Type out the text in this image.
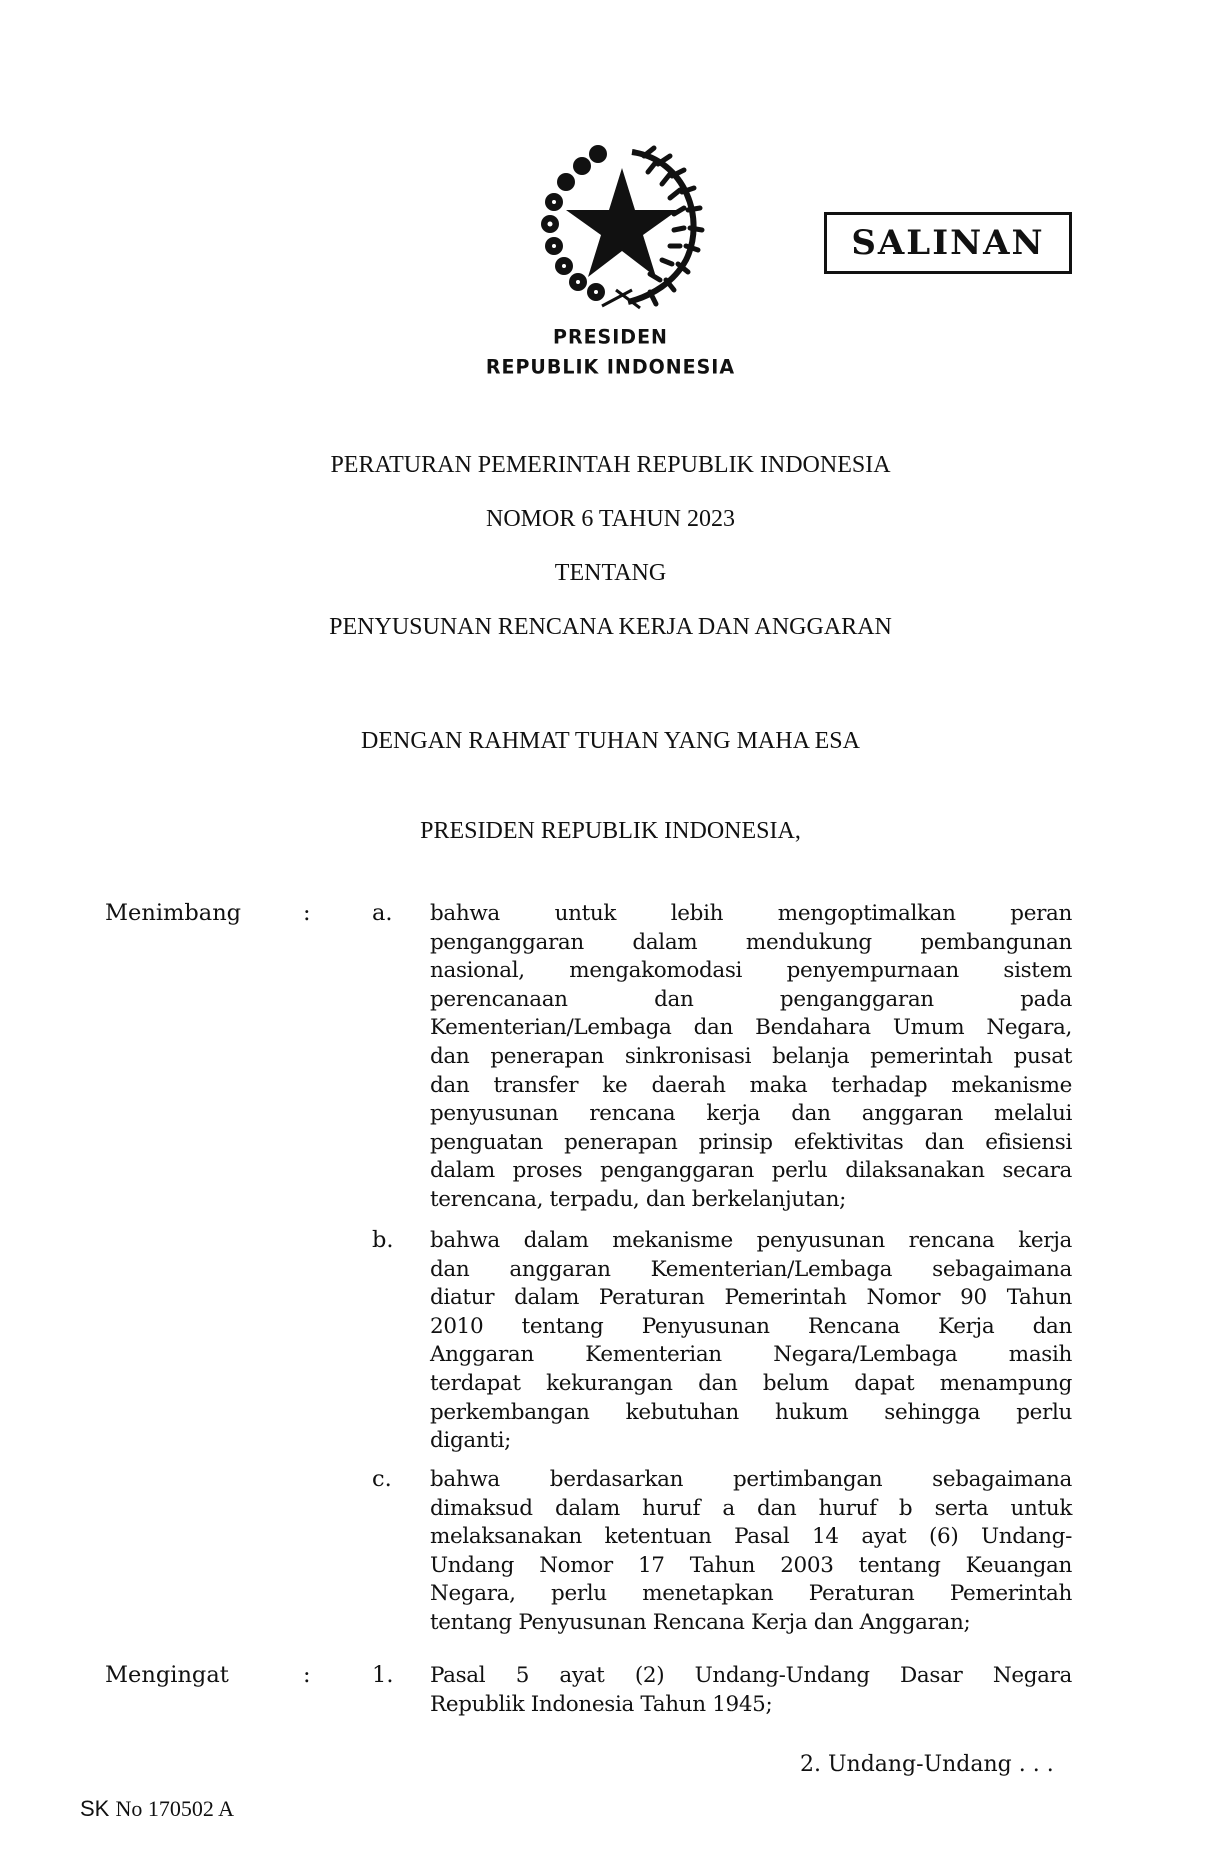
SALINAN
PRESIDEN
REPUBLIK INDONESIA
PERATURAN PEMERINTAH REPUBLIK INDONESIA
NOMOR 6 TAHUN 2023
TENTANG
PENYUSUNAN RENCANA KERJA DAN ANGGARAN
DENGAN RAHMAT TUHAN YANG MAHA ESA
PRESIDEN REPUBLIK INDONESIA,
Menimbang	:	a. bahwa untuk lebih mengoptimalkan peran
penganggaran dalam mendukung pembangunan
nasional, mengakomodasi penyempurnaan sistem
perencanaan dan penganggaran pada
Kementerian/Lembaga dan Bendahara Umum Negara,
dan penerapan sinkronisasi belanja pemerintah pusat
dan transfer ke daerah maka terhadap mekanisme
penyusunan rencana kerja dan anggaran melalui
penguatan penerapan prinsip efektivitas dan efisiensi
dalam proses penganggaran perlu dilaksanakan secara
terencana, terpadu, dan berkelanjutan;
b. bahwa dalam mekanisme penyusunan rencana kerja
dan anggaran Kementerian/Lembaga sebagaimana
diatur dalam Peraturan Pemerintah Nomor 90 Tahun
2010 tentang Penyusunan Rencana Kerja dan
Anggaran Kementerian Negara/Lembaga masih
terdapat kekurangan dan belum dapat menampung
perkembangan kebutuhan hukum sehingga perlu
diganti;
c. bahwa berdasarkan pertimbangan sebagaimana
dimaksud dalam huruf a dan huruf b serta untuk
melaksanakan ketentuan Pasal 14 ayat (6) Undang-
Undang Nomor 17 Tahun 2003 tentang Keuangan
Negara, perlu menetapkan Peraturan Pemerintah
tentang Penyusunan Rencana Kerja dan Anggaran;
Mengingat	:	1. Pasal 5 ayat (2) Undang-Undang Dasar Negara
Republik Indonesia Tahun 1945;
2. Undang-Undang . . .
SK No 170502 A
